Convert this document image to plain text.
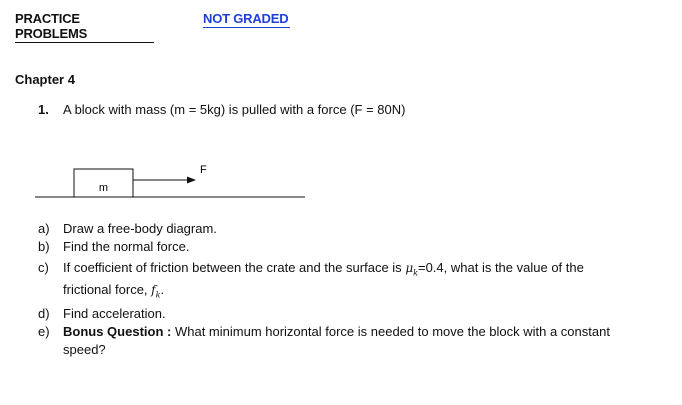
PRACTICE PROBLEMS
NOT GRADED
Chapter 4
1. A block with mass (m = 5kg) is pulled with a force (F = 80N)
m
F
a) Draw a free-body diagram.
b) Find the normal force.
c) If coefficient of friction between the crate and the surface is $\mu_k=0.4$, what is the value of the
frictional force, $f_k$.
d) Find acceleration.
e) Bonus Question : What minimum horizontal force is needed to move the block with a constant
speed?
